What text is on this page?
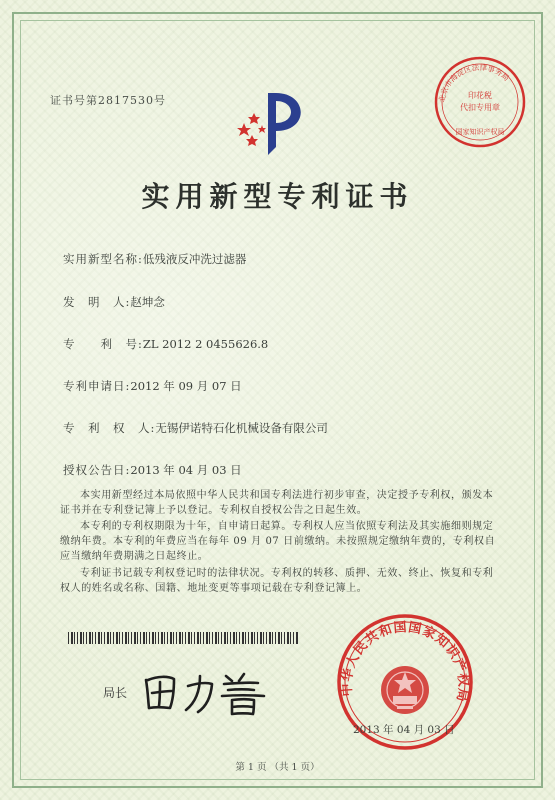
证书号第2817530号	北京市海淀区法律事务局
印花税
代扣专用章
国家知识产权局
实用新型专利证书
实用新型名称:低残液反冲洗过滤器
发　明　人:赵坤念
专　　利　号:ZL 2012 2 0455626.8
专利申请日:2012 年 09 月 07 日
专　利　权　人:无锡伊诺特石化机械设备有限公司
授权公告日:2013 年 04 月 03 日
本实用新型经过本局依照中华人民共和国专利法进行初步审查，决定授予专利权，颁发本证书并在专利登记簿上予以登记。专利权自授权公告之日起生效。
本专利的专利权期限为十年，自申请日起算。专利权人应当依照专利法及其实施细则规定缴纳年费。本专利的年费应当在每年 09 月 07 日前缴纳。未按照规定缴纳年费的，专利权自应当缴纳年费期满之日起终止。
专利证书记载专利权登记时的法律状况。专利权的转移、质押、无效、终止、恢复和专利权人的姓名或名称、国籍、地址变更等事项记载在专利登记簿上。
局长	中华人民共和国国家知识产权局
2013 年 04 月 03 日
第 1 页 （共 1 页）
